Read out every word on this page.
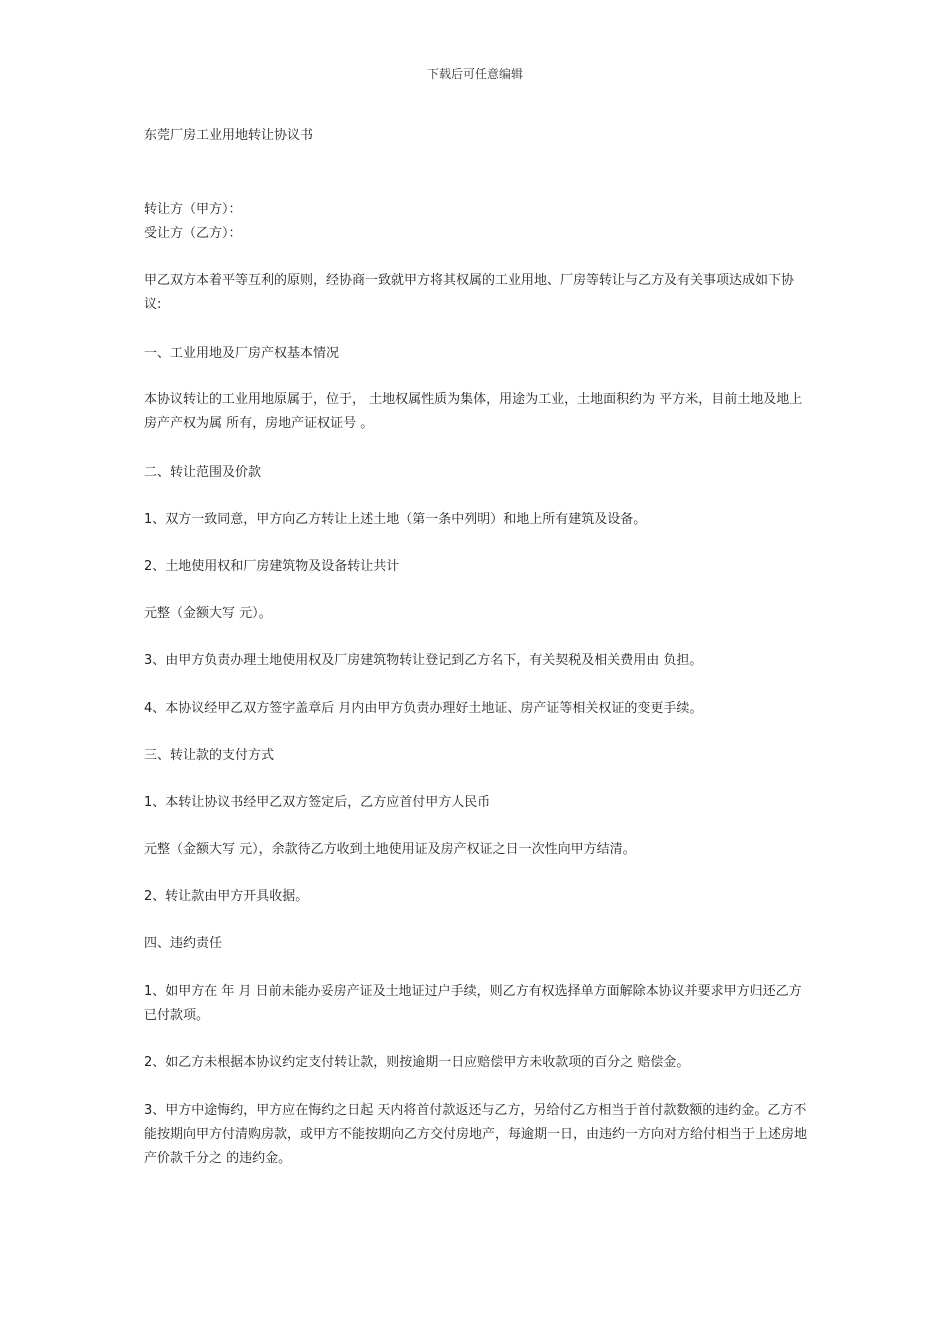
下载后可任意编辑
东莞厂房工业用地转让协议书
转让方（甲方）：
受让方（乙方）：
甲乙双方本着平等互利的原则，经协商一致就甲方将其权属的工业用地、厂房等转让与乙方及有关事项达成如下协议:
一、工业用地及厂房产权基本情况
本协议转让的工业用地原属于，位于， 土地权属性质为集体，用途为工业，土地面积约为 平方米，目前土地及地上房产产权为属 所有，房地产证权证号 。
二、转让范围及价款
1、双方一致同意，甲方向乙方转让上述土地（第一条中列明）和地上所有建筑及设备。
2、土地使用权和厂房建筑物及设备转让共计
元整（金额大写 元）。
3、由甲方负责办理土地使用权及厂房建筑物转让登记到乙方名下，有关契税及相关费用由 负担。
4、本协议经甲乙双方签字盖章后 月内由甲方负责办理好土地证、房产证等相关权证的变更手续。
三、转让款的支付方式
1、本转让协议书经甲乙双方签定后，乙方应首付甲方人民币
元整（金额大写 元），余款待乙方收到土地使用证及房产权证之日一次性向甲方结清。
2、转让款由甲方开具收据。
四、违约责任
1、如甲方在 年 月 日前未能办妥房产证及土地证过户手续，则乙方有权选择单方面解除本协议并要求甲方归还乙方已付款项。
2、如乙方未根据本协议约定支付转让款，则按逾期一日应赔偿甲方未收款项的百分之 赔偿金。
3、甲方中途悔约，甲方应在悔约之日起 天内将首付款返还与乙方，另给付乙方相当于首付款数额的违约金。乙方不能按期向甲方付清购房款，或甲方不能按期向乙方交付房地产，每逾期一日，由违约一方向对方给付相当于上述房地产价款千分之 的违约金。
